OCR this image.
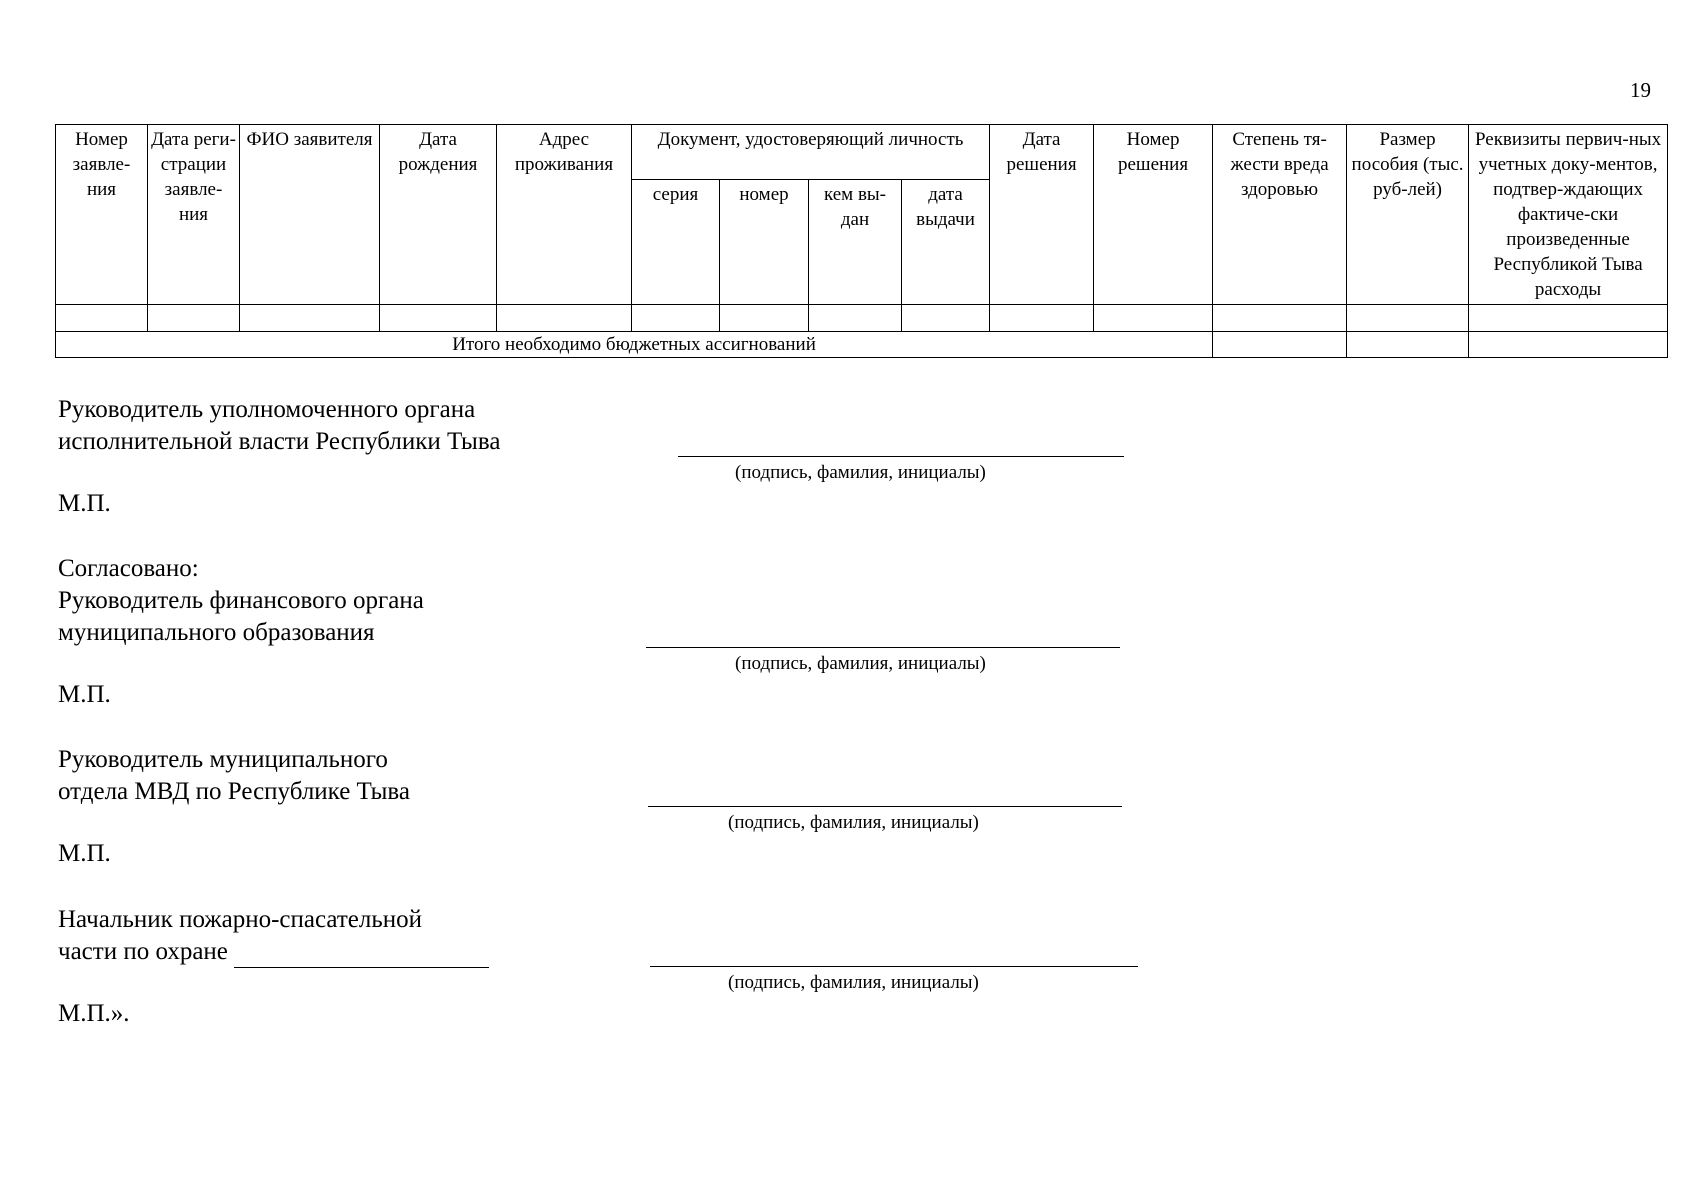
19
Номер заявле-ния	Дата реги-страции заявле-ния	ФИО заявителя	Дата рождения	Адрес проживания	Документ, удостоверяющий личность				Дата решения	Номер решения	Степень тя-жести вреда здоровью	Размер пособия (тыс. руб-лей)	Реквизиты первич-ных учетных доку-ментов, подтвер-ждающих фактиче-ски произведенные Республикой Тыва расходы
					серия	номер	кем вы-дан	дата выдачи					

Итого необходимо бюджетных ассигнований													
Руководитель уполномоченного органа
исполнительной власти Республики Тыва
(подпись, фамилия, инициалы)
М.П.
Согласовано:
Руководитель финансового органа
муниципального образования
(подпись, фамилия, инициалы)
М.П.
Руководитель муниципального
отдела МВД по Республике Тыва
(подпись, фамилия, инициалы)
М.П.
Начальник пожарно-спасательной
части по охране
(подпись, фамилия, инициалы)
М.П.».
